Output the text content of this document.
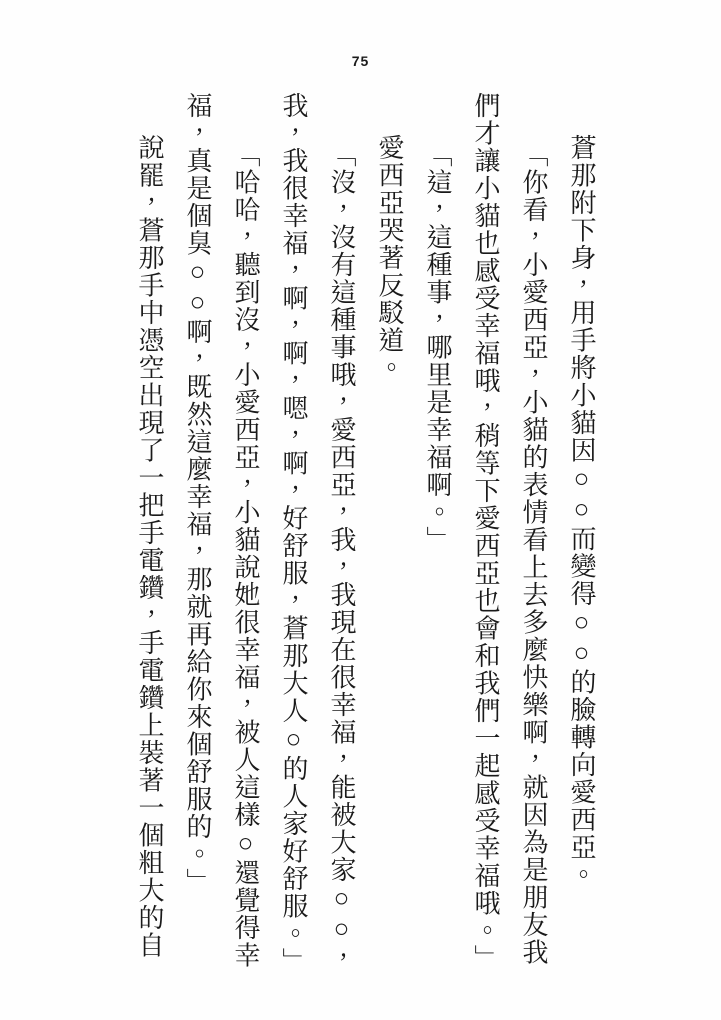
75

蒼那附下身，用手將小貓因○○而變得○○的臉轉向愛西亞。

「你看，小愛西亞，小貓的表情看上去多麼快樂啊，就因為是朋友我們才讓小貓也感受幸福哦，稍等下愛西亞也會和我們一起感受幸福哦。」

「這，這種事，哪里是幸福啊。」

愛西亞哭著反駁道。

「沒，沒有這種事哦，愛西亞，我，我現在很幸福，能被大家○○，我，我很幸福，啊，啊，嗯，啊，好舒服，蒼那大人○的人家好舒服。」

「哈哈，聽到沒，小愛西亞，小貓說她很幸福，被人這樣○還覺得幸福，真是個臭○○啊，既然這麼幸福，那就再給你來個舒服的。」

說罷，蒼那手中憑空出現了一把手電鑽，手電鑽上裝著一個粗大的自
